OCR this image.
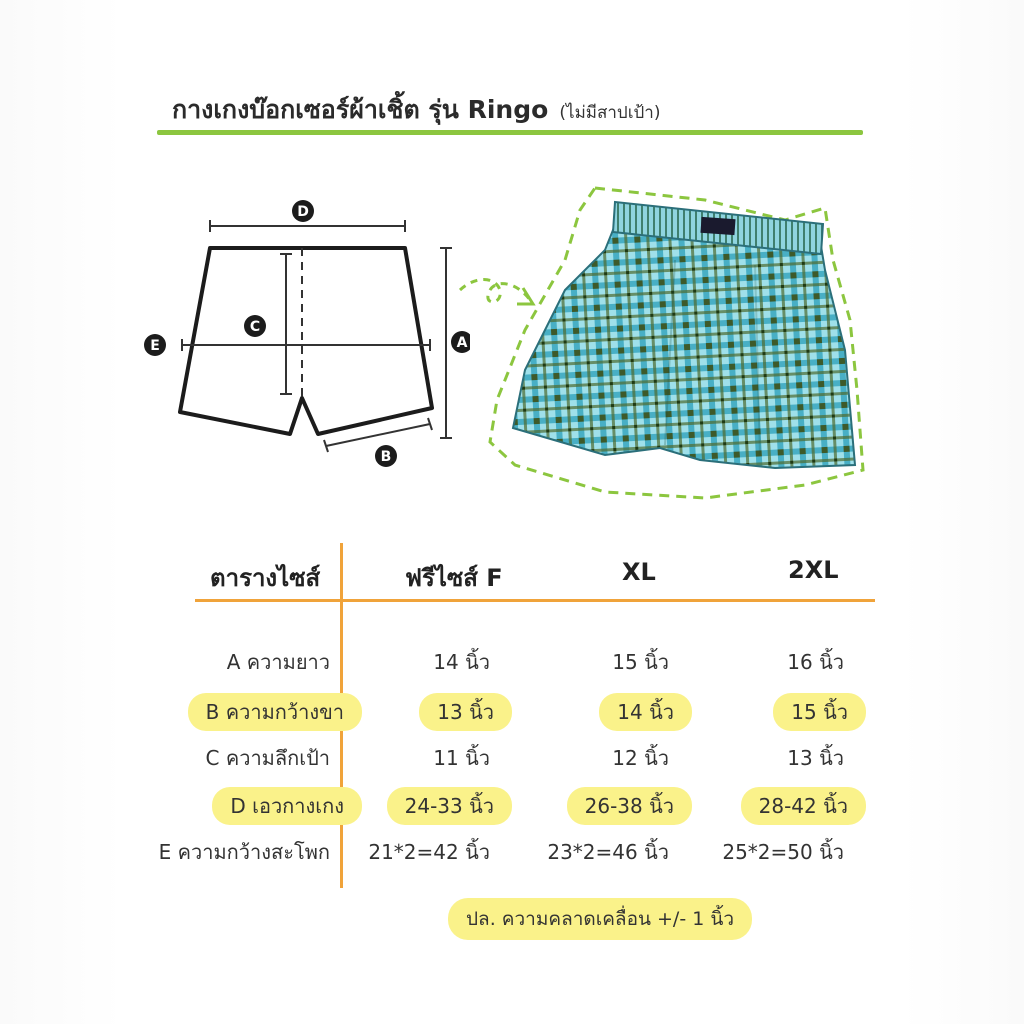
กางเกงบ๊อกเซอร์ผ้าเชิ้ต รุ่น Ringo (ไม่มีสาปเป้า)
D
C
E	A
B
ตารางไซส์	ฟรีไซส์ F	XL	2XL
A ความยาว	14 นิ้ว	15 นิ้ว	16 นิ้ว
B ความกว้างขา	13 นิ้ว	14 นิ้ว	15 นิ้ว
C ความลึกเป้า	11 นิ้ว	12 นิ้ว	13 นิ้ว
D เอวกางเกง	24-33 นิ้ว	26-38 นิ้ว	28-42 นิ้ว
E ความกว้างสะโพก 21*2=42 นิ้ว	23*2=46 นิ้ว	25*2=50 นิ้ว
ปล. ความคลาดเคลื่อน +/- 1 นิ้ว
